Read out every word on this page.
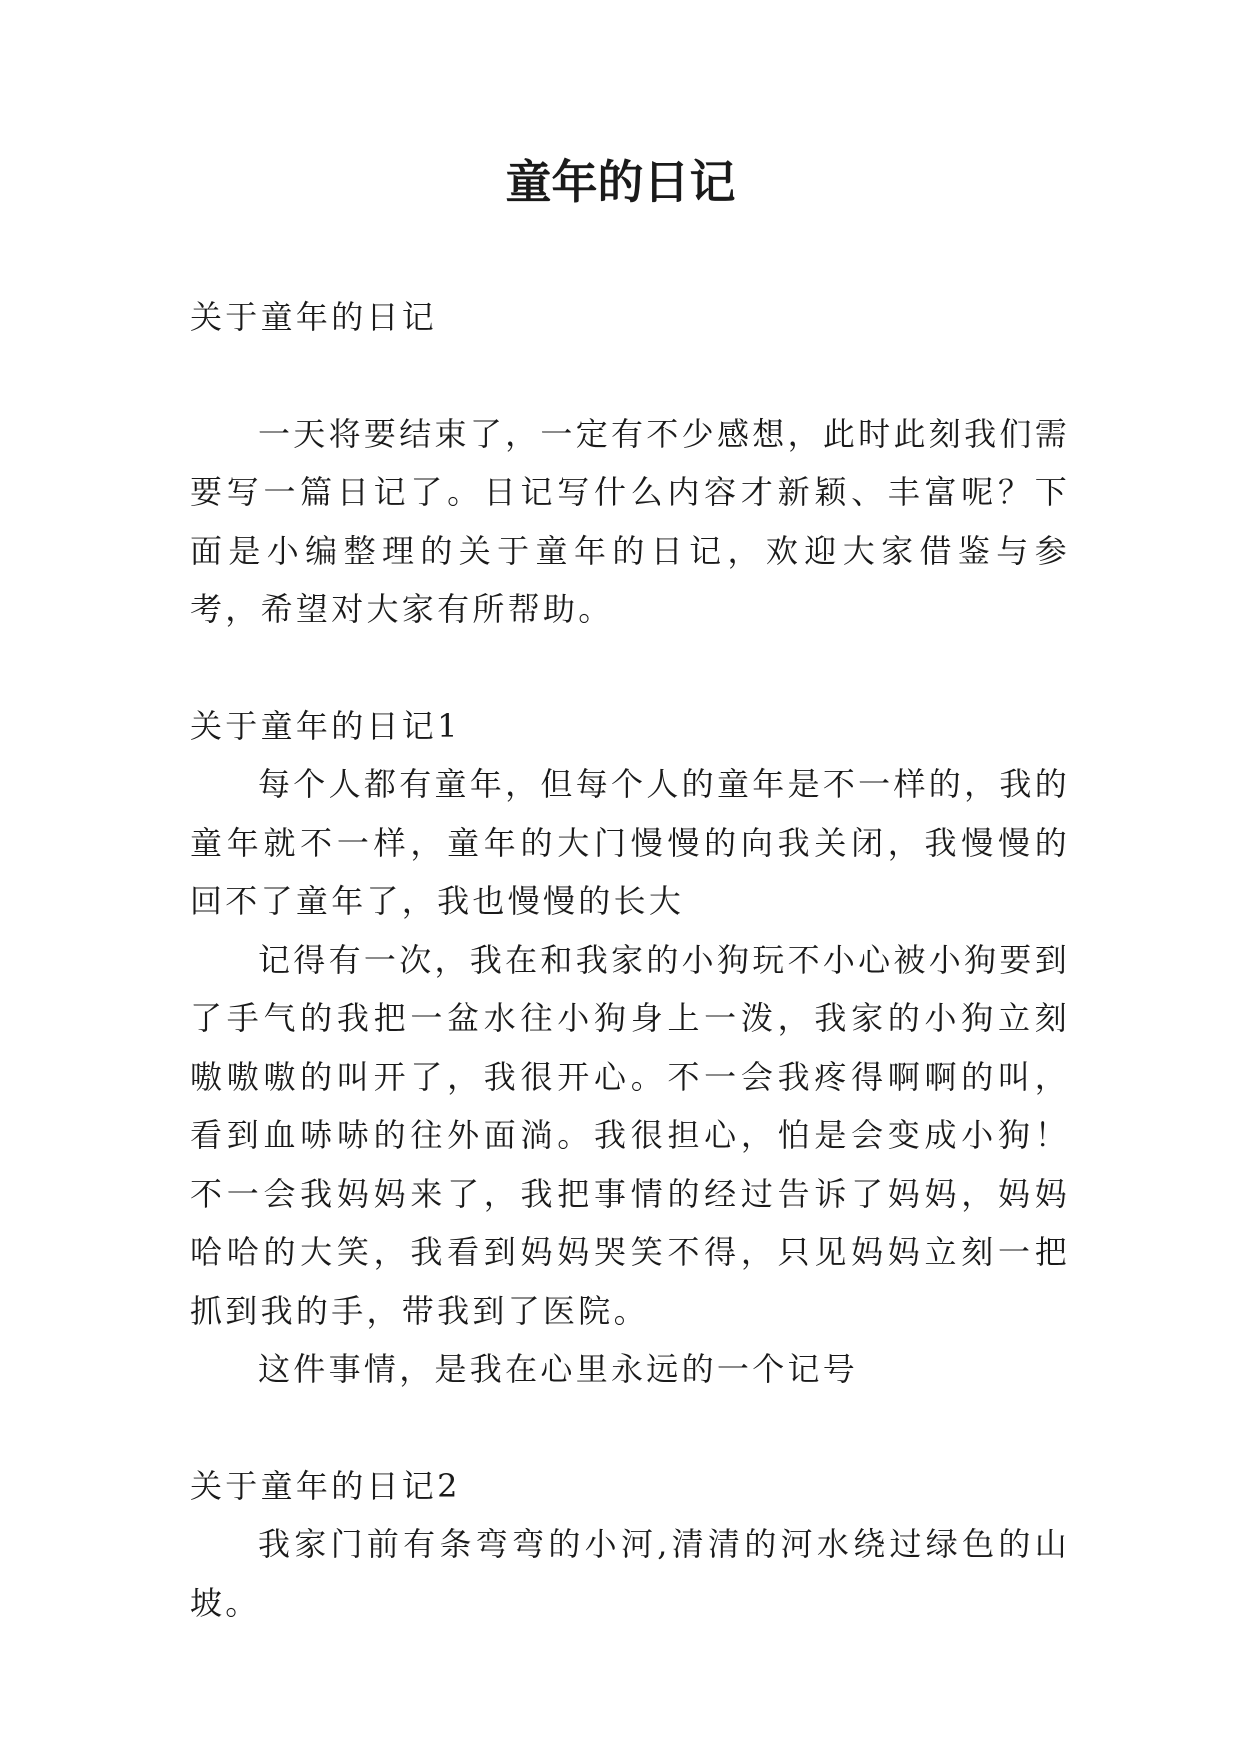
童年的日记

关于童年的日记

一天将要结束了，一定有不少感想，此时此刻我们需要写一篇日记了。日记写什么内容才新颖、丰富呢？下面是小编整理的关于童年的日记，欢迎大家借鉴与参考，希望对大家有所帮助。

关于童年的日记1

每个人都有童年，但每个人的童年是不一样的，我的童年就不一样，童年的大门慢慢的向我关闭，我慢慢的回不了童年了，我也慢慢的长大

记得有一次，我在和我家的小狗玩不小心被小狗要到了手气的我把一盆水往小狗身上一泼，我家的小狗立刻嗷嗷嗷的叫开了，我很开心。不一会我疼得啊啊的叫，看到血哧哧的往外面淌。我很担心，怕是会变成小狗！不一会我妈妈来了，我把事情的经过告诉了妈妈，妈妈哈哈的大笑，我看到妈妈哭笑不得，只见妈妈立刻一把抓到我的手，带我到了医院。

这件事情，是我在心里永远的一个记号

关于童年的日记2

我家门前有条弯弯的小河,清清的河水绕过绿色的山坡。
